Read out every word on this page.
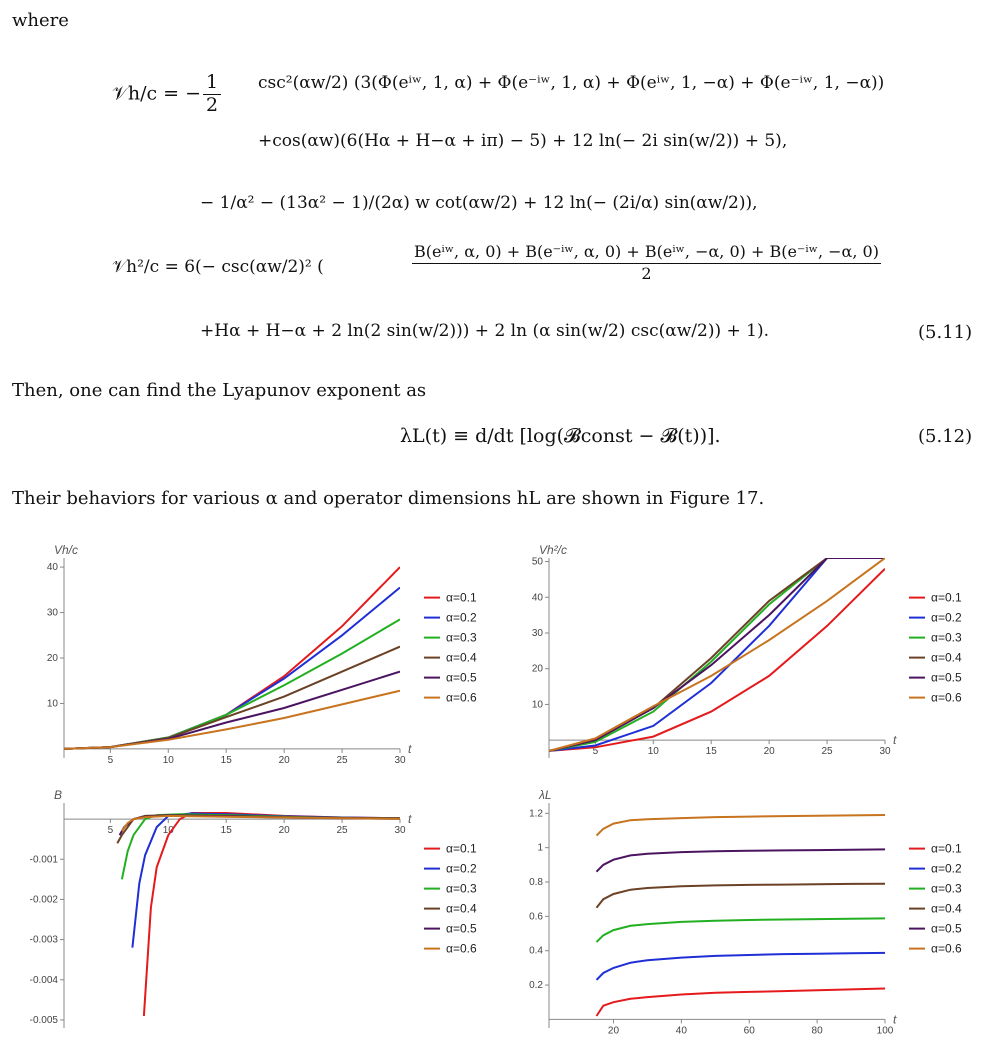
where
𝒱h/c = − $\frac{1}{2} \csc^2(\alpha w/2)$ (3(Φ(eⁱʷ, 1, α) + Φ(e⁻ⁱʷ, 1, α) + Φ(eⁱʷ, 1, −α) + Φ(e⁻ⁱʷ, 1, −α))
+cos(αw)(6(Hα + H−α + iπ) − 5) + 12 ln(− 2i sin(w/2)) + 5),
− 1/α² − (13α² − 1)/(2α) w cot(αw/2) + 12 ln(− (2i/α) sin(αw/2)),
𝒱h²/c = 6(− csc(αw/2)² (
B(eⁱʷ, α, 0) + B(e⁻ⁱʷ, α, 0) + B(eⁱʷ, −α, 0) + B(e⁻ⁱʷ, −α, 0)
2
+Hα + H−α + 2 ln(2 sin(w/2))) + 2 ln (α sin(w/2) csc(αw/2)) + 1).	(5.11)
Then, one can find the Lyapunov exponent as
λL(t) ≡ d/dt [log(𝓑const − 𝓑(t))].	(5.12)
Their behaviors for various α and operator dimensions hL are shown in Figure 17.
5	10	15	20	25	30
10
20
30
40
Vh/c
t
α=0.1
α=0.2
α=0.3
α=0.4
α=0.5
α=0.6
5	10	15	20	25	30
10
20
30
40
50
Vh²/c
t
α=0.1
α=0.2
α=0.3
α=0.4
α=0.5
α=0.6
5	10	15	20	25	30
-0.001
-0.002
-0.003
-0.004
-0.005
B
t
α=0.1
α=0.2
α=0.3
α=0.4
α=0.5
α=0.6
20	40	60	80	100
0.2
0.4
0.6
0.8
1
1.2
λL
t
α=0.1
α=0.2
α=0.3
α=0.4
α=0.5
α=0.6
